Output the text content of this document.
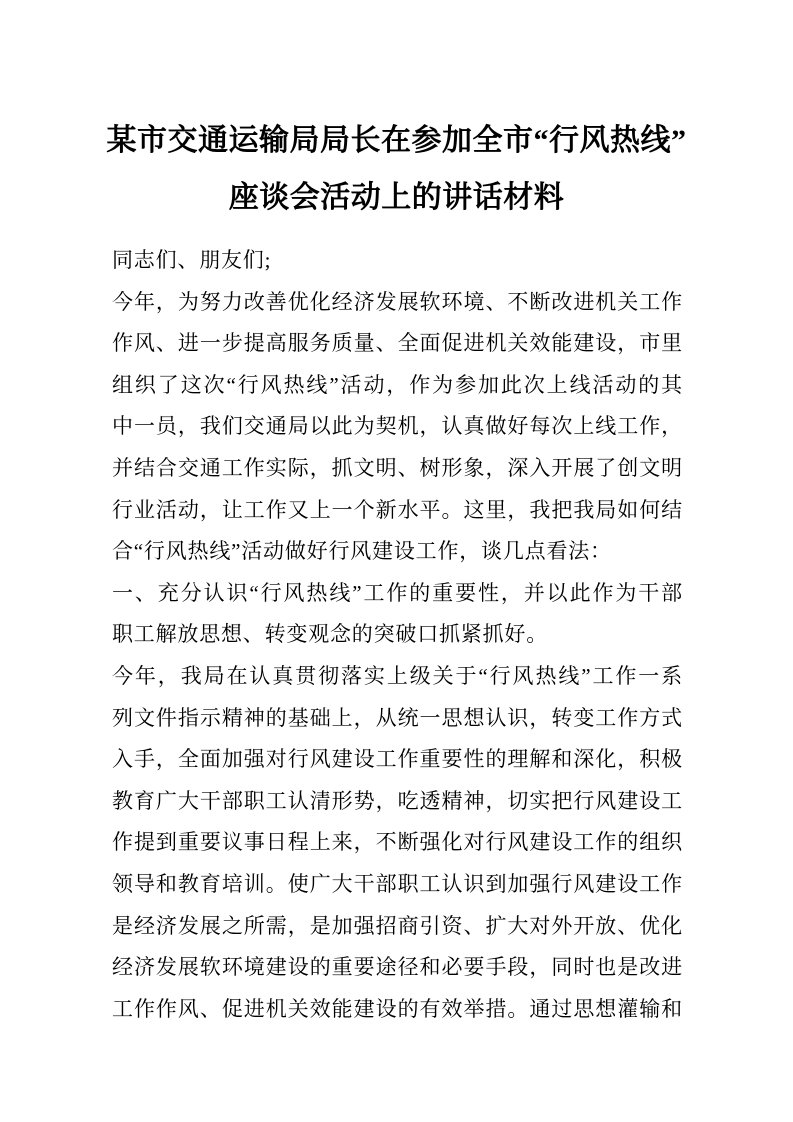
某市交通运输局局长在参加全市“行风热线”
座谈会活动上的讲话材料
同志们、朋友们;
今年，为努力改善优化经济发展软环境、不断改进机关工作
作风、进一步提高服务质量、全面促进机关效能建设，市里
组织了这次“行风热线”活动，作为参加此次上线活动的其
中一员，我们交通局以此为契机，认真做好每次上线工作，
并结合交通工作实际，抓文明、树形象，深入开展了创文明
行业活动，让工作又上一个新水平。这里，我把我局如何结
合“行风热线”活动做好行风建设工作，谈几点看法：
一、充分认识“行风热线”工作的重要性，并以此作为干部
职工解放思想、转变观念的突破口抓紧抓好。
今年，我局在认真贯彻落实上级关于“行风热线”工作一系
列文件指示精神的基础上，从统一思想认识，转变工作方式
入手，全面加强对行风建设工作重要性的理解和深化，积极
教育广大干部职工认清形势，吃透精神，切实把行风建设工
作提到重要议事日程上来，不断强化对行风建设工作的组织
领导和教育培训。使广大干部职工认识到加强行风建设工作
是经济发展之所需，是加强招商引资、扩大对外开放、优化
经济发展软环境建设的重要途径和必要手段，同时也是改进
工作作风、促进机关效能建设的有效举措。通过思想灌输和
